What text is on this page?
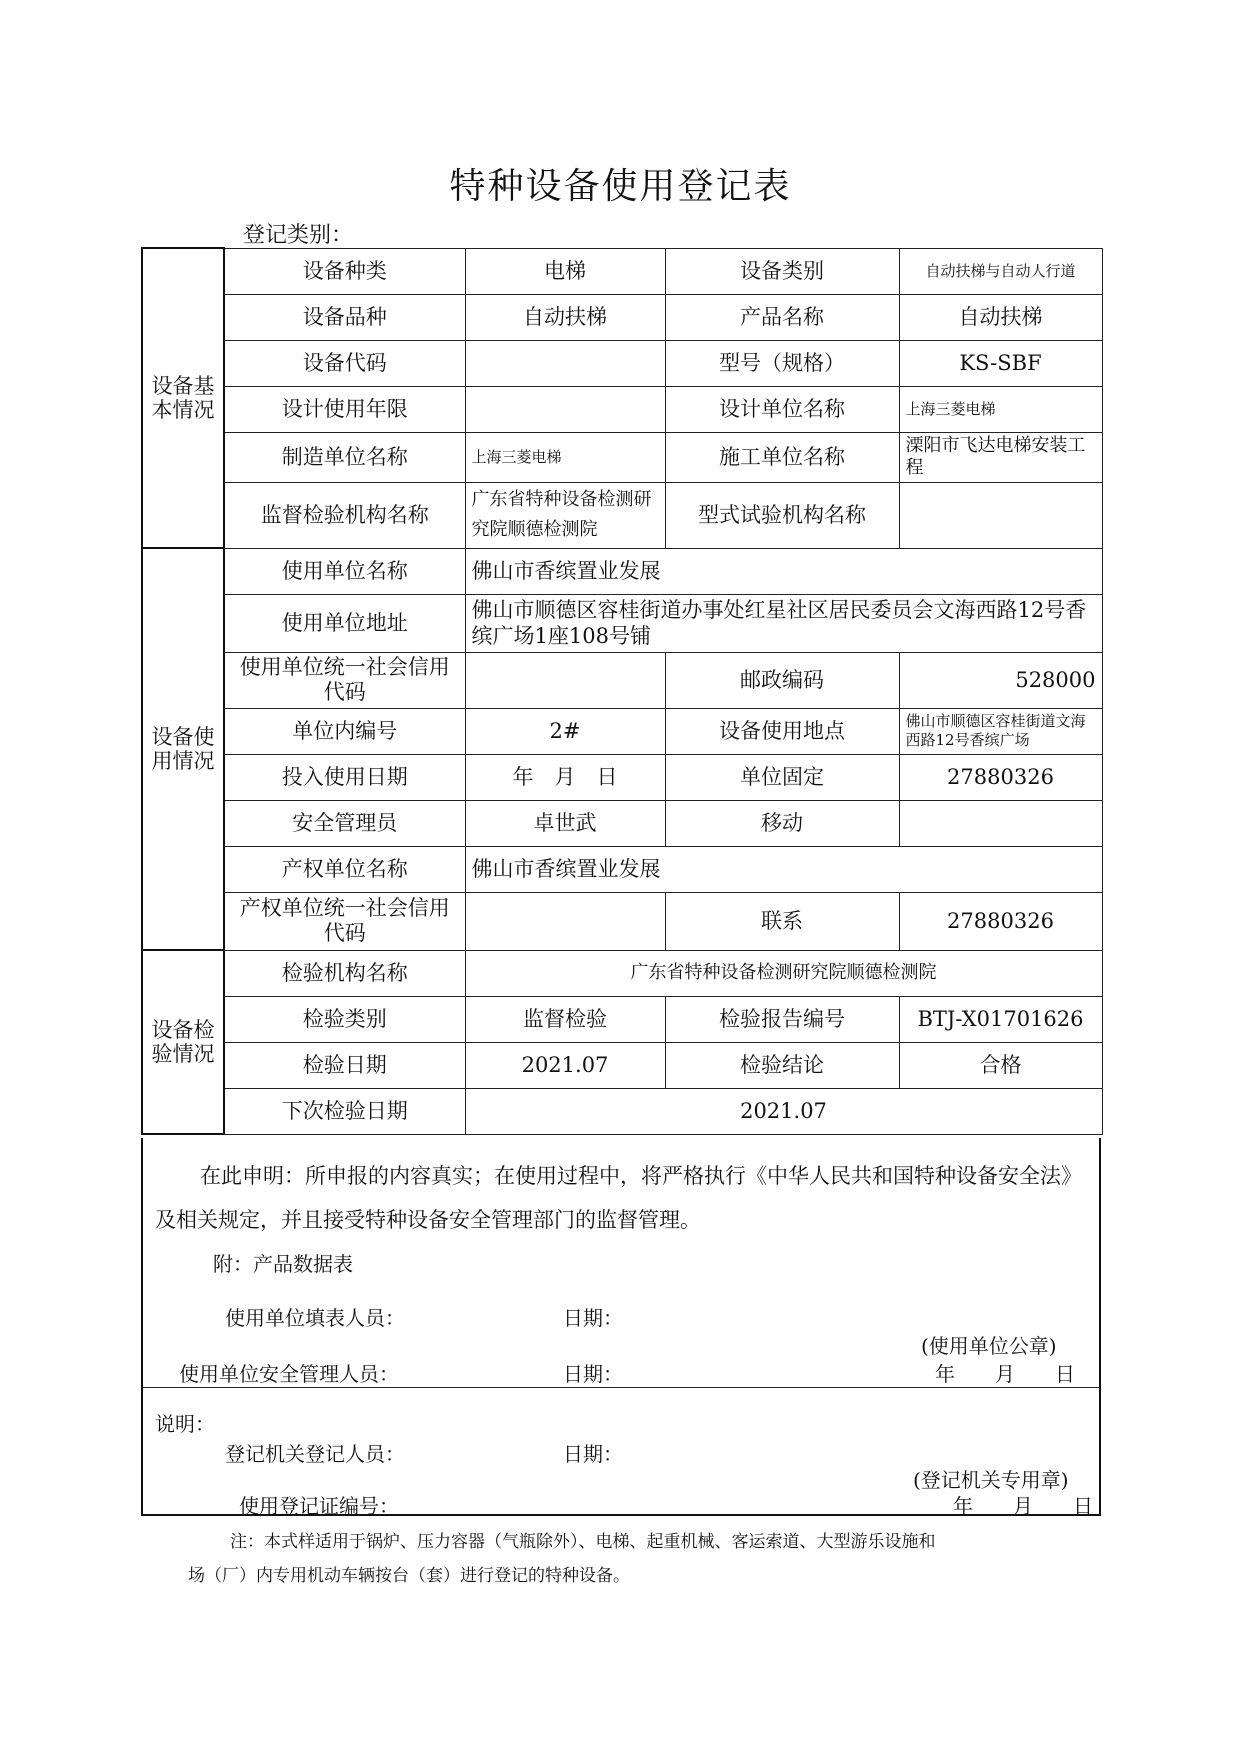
特种设备使用登记表
登记类别：
设备基本情况	设备种类	电梯	设备类别	自动扶梯与自动人行道
	设备品种	自动扶梯	产品名称	自动扶梯
	设备代码		型号（规格）	KS-SBF
	设计使用年限		设计单位名称	上海三菱电梯
	制造单位名称	上海三菱电梯	施工单位名称	溧阳市飞达电梯安装工程
	监督检验机构名称	广东省特种设备检测研究院顺德检测院	型式试验机构名称	
设备使用情况	使用单位名称	佛山市香缤置业发展		
	使用单位地址	佛山市顺德区容桂街道办事处红星社区居民委员会文海西路12号香缤广场1座108号铺		
	使用单位统一社会信用代码		邮政编码	528000
	单位内编号	2#	设备使用地点	佛山市顺德区容桂街道文海西路12号香缤广场
	投入使用日期	年　月　日	单位固定	27880326
	安全管理员	卓世武	移动	
	产权单位名称	佛山市香缤置业发展		
	产权单位统一社会信用代码		联系	27880326
设备检验情况	检验机构名称	广东省特种设备检测研究院顺德检测院		
	检验类别	监督检验	检验报告编号	BTJ-X01701626
	检验日期	2021.07	检验结论	合格
	下次检验日期	2021.07		
在此申明：所申报的内容真实；在使用过程中，将严格执行《中华人民共和国特种设备安全法》及相关规定，并且接受特种设备安全管理部门的监督管理。
附：产品数据表
使用单位填表人员：	日期：
(使用单位公章)
使用单位安全管理人员：	日期：	年　　月　　日
说明：
登记机关登记人员：	日期：
(登记机关专用章)
使用登记证编号：	年　　月　　日
注：本式样适用于锅炉、压力容器（气瓶除外）、电梯、起重机械、客运索道、大型游乐设施和
场（厂）内专用机动车辆按台（套）进行登记的特种设备。
